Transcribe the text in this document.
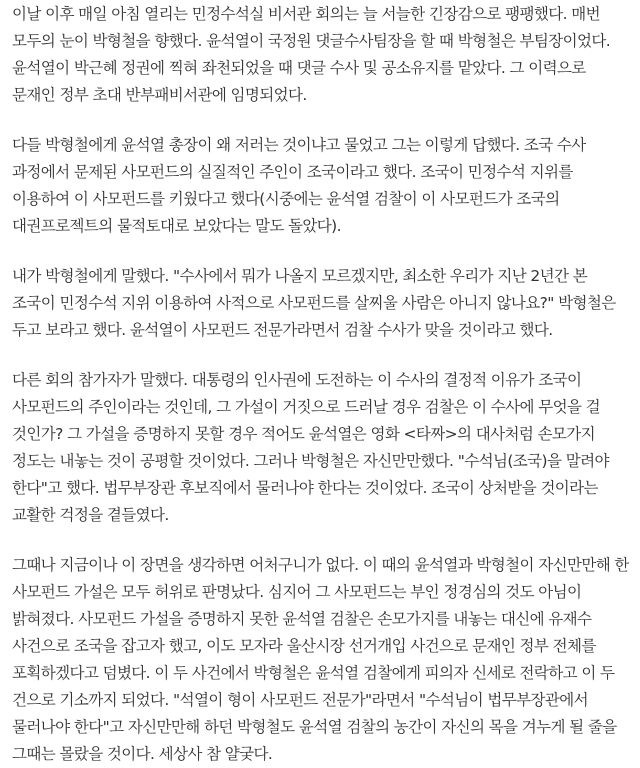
이날 이후 매일 아침 열리는 민정수석실 비서관 회의는 늘 서늘한 긴장감으로 팽팽했다. 매번 모두의 눈이 박형철을 향했다. 윤석열이 국정원 댓글수사팀장을 할 때 박형철은 부팀장이었다. 윤석열이 박근혜 정권에 찍혀 좌천되었을 때 댓글 수사 및 공소유지를 맡았다. 그 이력으로 문재인 정부 초대 반부패비서관에 임명되었다.

다들 박형철에게 윤석열 총장이 왜 저러는 것이냐고 물었고 그는 이렇게 답했다. 조국 수사 과정에서 문제된 사모펀드의 실질적인 주인이 조국이라고 했다. 조국이 민정수석 지위를 이용하여 이 사모펀드를 키웠다고 했다(시중에는 윤석열 검찰이 이 사모펀드가 조국의 대권프로젝트의 물적토대로 보았다는 말도 돌았다).

내가 박형철에게 말했다. "수사에서 뭐가 나올지 모르겠지만, 최소한 우리가 지난 2년간 본 조국이 민정수석 지위 이용하여 사적으로 사모펀드를 살찌울 사람은 아니지 않나요?" 박형철은 두고 보라고 했다. 윤석열이 사모펀드 전문가라면서 검찰 수사가 맞을 것이라고 했다.

다른 회의 참가자가 말했다. 대통령의 인사권에 도전하는 이 수사의 결정적 이유가 조국이 사모펀드의 주인이라는 것인데, 그 가설이 거짓으로 드러날 경우 검찰은 이 수사에 무엇을 걸 것인가? 그 가설을 증명하지 못할 경우 적어도 윤석열은 영화 <타짜>의 대사처럼 손모가지 정도는 내놓는 것이 공평할 것이었다. 그러나 박형철은 자신만만했다. "수석님(조국)을 말려야 한다"고 했다. 법무부장관 후보직에서 물러나야 한다는 것이었다. 조국이 상처받을 것이라는 교활한 걱정을 곁들였다.

그때나 지금이나 이 장면을 생각하면 어처구니가 없다. 이 때의 윤석열과 박형철이 자신만만해 한 사모펀드 가설은 모두 허위로 판명났다. 심지어 그 사모펀드는 부인 정경심의 것도 아님이 밝혀졌다. 사모펀드 가설을 증명하지 못한 윤석열 검찰은 손모가지를 내놓는 대신에 유재수 사건으로 조국을 잡고자 했고, 이도 모자라 울산시장 선거개입 사건으로 문재인 정부 전체를 포획하겠다고 덤볐다. 이 두 사건에서 박형철은 윤석열 검찰에게 피의자 신세로 전락하고 이 두 건으로 기소까지 되었다. "석열이 형이 사모펀드 전문가"라면서 "수석님이 법무부장관에서 물러나야 한다"고 자신만만해 하던 박형철도 윤석열 검찰의 농간이 자신의 목을 겨누게 될 줄을 그때는 몰랐을 것이다. 세상사 참 얄궂다.
